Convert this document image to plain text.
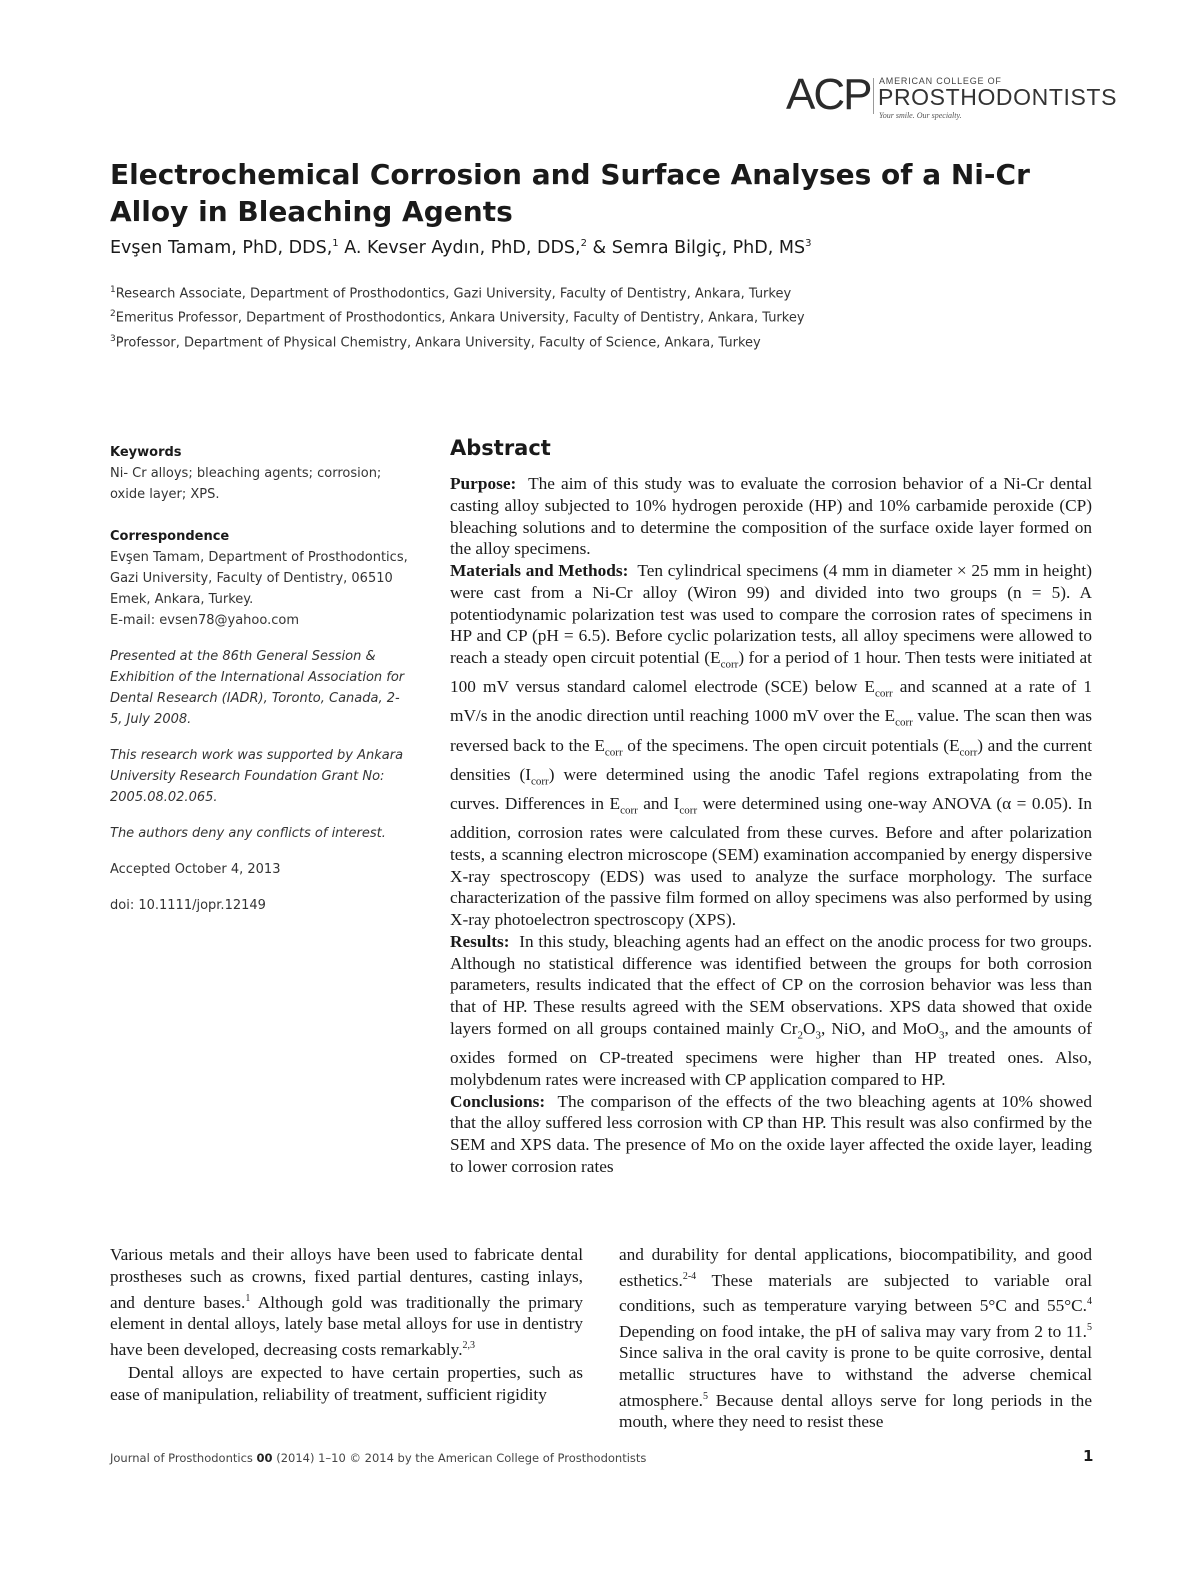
ACP AMERICAN COLLEGE OF
PROSTHODONTISTS
Your smile. Our specialty.
Electrochemical Corrosion and Surface Analyses of a Ni-Cr Alloy in Bleaching Agents
Evşen Tamam, PhD, DDS,$^1$ A. Kevser Aydın, PhD, DDS,$^2$ & Semra Bilgiç, PhD, $MS^3$
$^1$Research Associate, Department of Prosthodontics, Gazi University, Faculty of Dentistry, Ankara, Turkey
$^2$Emeritus Professor, Department of Prosthodontics, Ankara University, Faculty of Dentistry, Ankara, Turkey
$^3$Professor, Department of Physical Chemistry, Ankara University, Faculty of Science, Ankara, Turkey

Keywords

Ni- Cr alloys; bleaching agents; corrosion; oxide layer; XPS.

Correspondence

Evşen Tamam, Department of Prosthodontics, Gazi University, Faculty of Dentistry, 06510 Emek, Ankara, Turkey.

E-mail: evsen78@yahoo.com

Presented at the 86th General Session & Exhibition of the International Association for Dental Research (IADR), Toronto, Canada, 2-5, July 2008.

This research work was supported by Ankara University Research Foundation Grant No: 2005.08.02.065.

The authors deny any conflicts of interest.

Accepted October 4, 2013

doi: 10.1111/jopr.12149

Abstract

Purpose: The aim of this study was to evaluate the corrosion behavior of a Ni-Cr dental casting alloy subjected to 10% hydrogen peroxide (HP) and 10% carbamide peroxide (CP) bleaching solutions and to determine the composition of the surface oxide layer formed on the alloy specimens.

Materials and Methods: Ten cylindrical specimens (4 mm in diameter × 25 mm in height) were cast from a Ni-Cr alloy (Wiron 99) and divided into two groups (n = 5). A potentiodynamic polarization test was used to compare the corrosion rates of specimens in HP and CP (pH = 6.5). Before cyclic polarization tests, all alloy specimens were allowed to reach a steady open circuit potential $(E_{corr})$ for a period of 1 hour. Then tests were initiated at 100 mV versus standard calomel electrode (SCE) below $E_{corr}$ and scanned at a rate of 1 mV/s in the anodic direction until reaching 1000 mV over the $E_{corr}$ value. The scan then was reversed back to the $E_{corr}$ of the specimens. The open circuit potentials $(E_{corr})$ and the current densities $(I_{corr})$ were determined using the anodic Tafel regions extrapolating from the curves. Differences in $E_{corr}$ and $I_{corr}$ were determined using one-way ANOVA (α = 0.05). In addition, corrosion rates were calculated from these curves. Before and after polarization tests, a scanning electron microscope (SEM) examination accompanied by energy dispersive X-ray spectroscopy (EDS) was used to analyze the surface morphology. The surface characterization of the passive film formed on alloy specimens was also performed by using X-ray photoelectron spectroscopy (XPS).

Results: In this study, bleaching agents had an effect on the anodic process for two groups. Although no statistical difference was identified between the groups for both corrosion parameters, results indicated that the effect of CP on the corrosion behavior was less than that of HP. These results agreed with the SEM observations. XPS data showed that oxide layers formed on all groups contained mainly $Cr_2O_3$, NiO, and MoO$_3$, and the amounts of oxides formed on CP-treated specimens were higher than HP treated ones. Also, molybdenum rates were increased with CP application compared to HP.

Conclusions: The comparison of the effects of the two bleaching agents at 10% showed that the alloy suffered less corrosion with CP than HP. This result was also confirmed by the SEM and XPS data. The presence of Mo on the oxide layer affected the oxide layer, leading to lower corrosion rates

Various metals and their alloys have been used to fabricate dental prostheses such as crowns, fixed partial dentures, casting inlays, and denture bases.$^1$ Although gold was traditionally the primary element in dental alloys, lately base metal alloys for use in dentistry have been developed, decreasing costs remarkably.$^{2,3}$

Dental alloys are expected to have certain properties, such as ease of manipulation, reliability of treatment, sufficient rigidity

and durability for dental applications, biocompatibility, and good esthetics.$^{2-4}$ These materials are subjected to variable oral conditions, such as temperature varying between 5°C and 55°C.$^4$ Depending on food intake, the pH of saliva may vary from 2 to 11.$^5$ Since saliva in the oral cavity is prone to be quite corrosive, dental metallic structures have to withstand the adverse chemical atmosphere.$^5$ Because dental alloys serve for long periods in the mouth, where they need to resist these

Journal of Prosthodontics 00 (2014) 1–10 © 2014 by the American College of Prosthodontists	1
